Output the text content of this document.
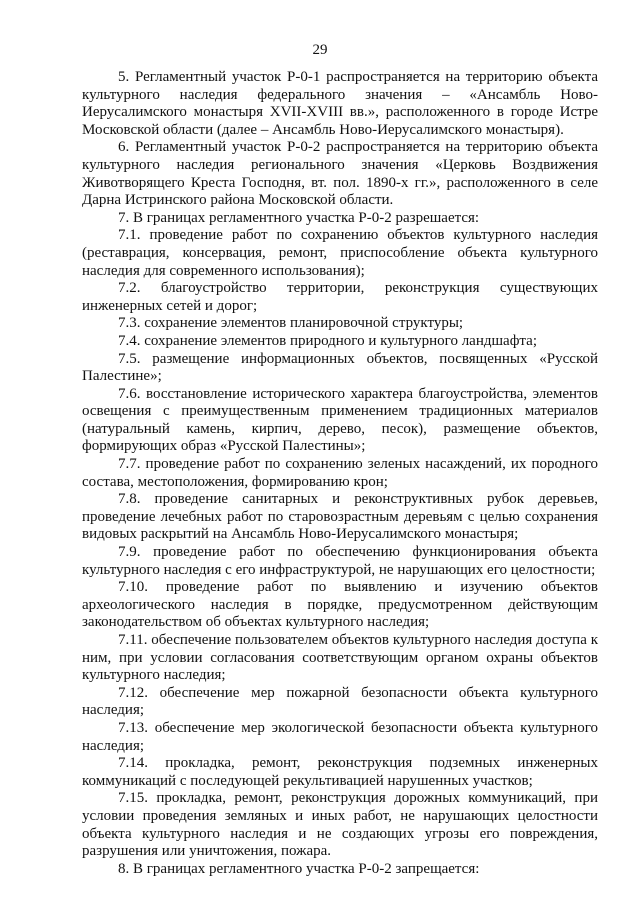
29

5. Регламентный участок Р-0-1 распространяется на территорию объекта культурного наследия федерального значения – «Ансамбль Ново-Иерусалимского монастыря XVII-XVIII вв.», расположенного в городе Истре Московской области (далее – Ансамбль Ново-Иерусалимского монастыря).

6. Регламентный участок Р-0-2 распространяется на территорию объекта культурного наследия регионального значения «Церковь Воздвижения Животворящего Креста Господня, вт. пол. 1890-х гг.», расположенного в селе Дарна Истринского района Московской области.

7. В границах регламентного участка Р-0-2 разрешается:

7.1. проведение работ по сохранению объектов культурного наследия (реставрация, консервация, ремонт, приспособление объекта культурного наследия для современного использования);

7.2. благоустройство территории, реконструкция существующих инженерных сетей и дорог;

7.3. сохранение элементов планировочной структуры;

7.4. сохранение элементов природного и культурного ландшафта;

7.5. размещение информационных объектов, посвященных «Русской Палестине»;

7.6. восстановление исторического характера благоустройства, элементов освещения с преимущественным применением традиционных материалов (натуральный камень, кирпич, дерево, песок), размещение объектов, формирующих образ «Русской Палестины»;

7.7. проведение работ по сохранению зеленых насаждений, их породного состава, местоположения, формированию крон;

7.8. проведение санитарных и реконструктивных рубок деревьев, проведение лечебных работ по старовозрастным деревьям с целью сохранения видовых раскрытий на Ансамбль Ново-Иерусалимского монастыря;

7.9. проведение работ по обеспечению функционирования объекта культурного наследия с его инфраструктурой, не нарушающих его целостности;

7.10. проведение работ по выявлению и изучению объектов археологического наследия в порядке, предусмотренном действующим законодательством об объектах культурного наследия;

7.11. обеспечение пользователем объектов культурного наследия доступа к ним, при условии согласования соответствующим органом охраны объектов культурного наследия;

7.12. обеспечение мер пожарной безопасности объекта культурного наследия;

7.13. обеспечение мер экологической безопасности объекта культурного наследия;

7.14. прокладка, ремонт, реконструкция подземных инженерных коммуникаций с последующей рекультивацией нарушенных участков;

7.15. прокладка, ремонт, реконструкция дорожных коммуникаций, при условии проведения земляных и иных работ, не нарушающих целостности объекта культурного наследия и не создающих угрозы его повреждения, разрушения или уничтожения, пожара.

8. В границах регламентного участка Р-0-2 запрещается:
